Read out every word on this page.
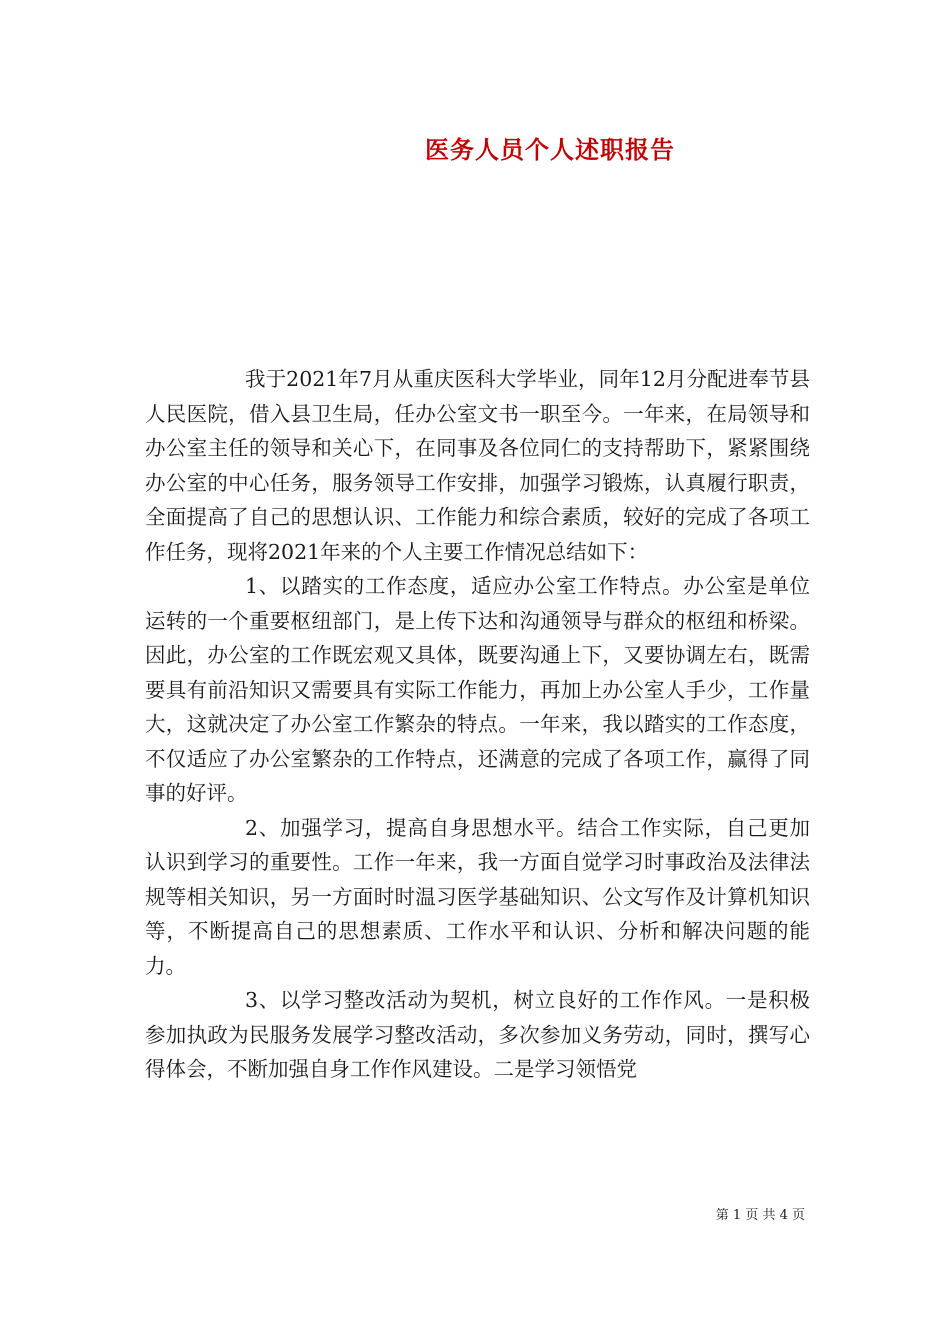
医务人员个人述职报告

我于2021年7月从重庆医科大学毕业，同年12月分配进奉节县人民医院，借入县卫生局，任办公室文书一职至今。一年来，在局领导和办公室主任的领导和关心下，在同事及各位同仁的支持帮助下，紧紧围绕办公室的中心任务，服务领导工作安排，加强学习锻炼，认真履行职责，全面提高了自己的思想认识、工作能力和综合素质，较好的完成了各项工作任务，现将2021年来的个人主要工作情况总结如下：

1、以踏实的工作态度，适应办公室工作特点。办公室是单位运转的一个重要枢纽部门，是上传下达和沟通领导与群众的枢纽和桥梁。因此，办公室的工作既宏观又具体，既要沟通上下，又要协调左右，既需要具有前沿知识又需要具有实际工作能力，再加上办公室人手少，工作量大，这就决定了办公室工作繁杂的特点。一年来，我以踏实的工作态度，不仅适应了办公室繁杂的工作特点，还满意的完成了各项工作，赢得了同事的好评。

2、加强学习，提高自身思想水平。结合工作实际，自己更加认识到学习的重要性。工作一年来，我一方面自觉学习时事政治及法律法规等相关知识，另一方面时时温习医学基础知识、公文写作及计算机知识等，不断提高自己的思想素质、工作水平和认识、分析和解决问题的能力。

3、以学习整改活动为契机，树立良好的工作作风。一是积极参加执政为民服务发展学习整改活动，多次参加义务劳动，同时，撰写心得体会，不断加强自身工作作风建设。二是学习领悟党

第 1 页 共 4 页
